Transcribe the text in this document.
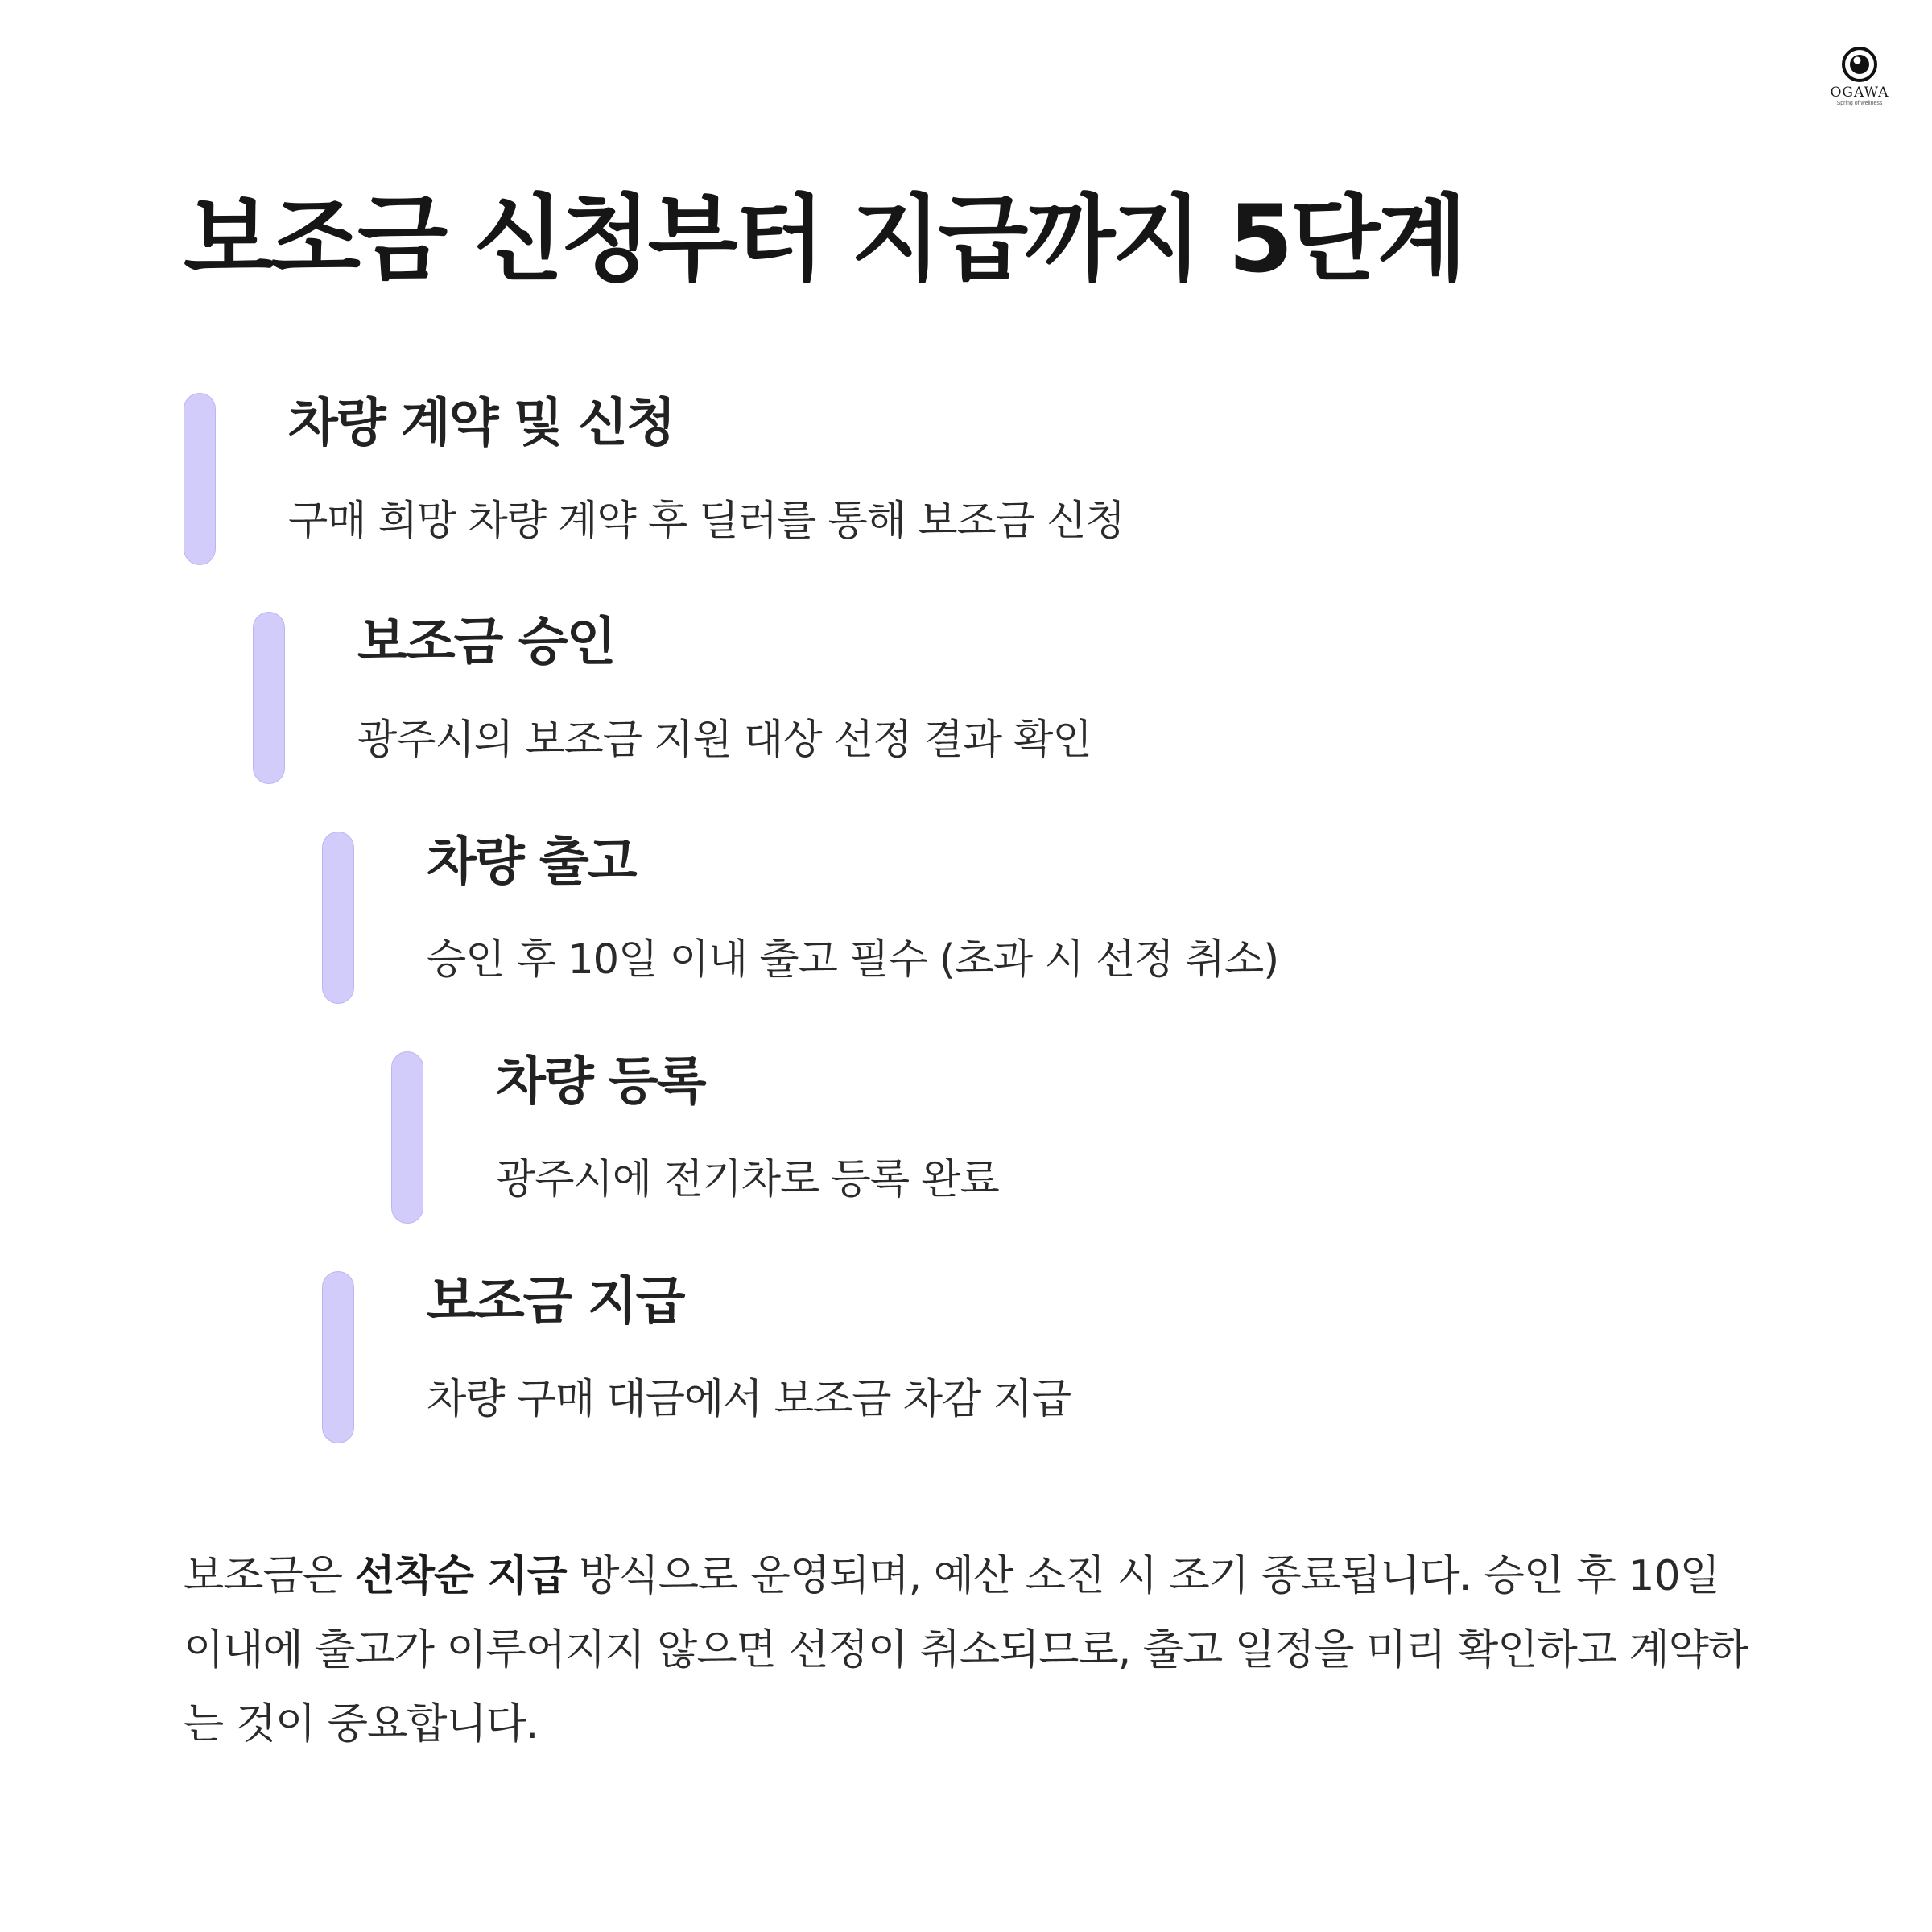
OGAWA
Spring of wellness
보조금 신청부터 지급까지 5단계
차량 계약 및 신청
구매 희망 차량 계약 후 딜러를 통해 보조금 신청
보조금 승인
광주시의 보조금 지원 대상 선정 결과 확인
차량 출고
승인 후 10일 이내 출고 필수 (초과 시 선정 취소)
차량 등록
광주시에 전기차로 등록 완료
보조금 지급
차량 구매 대금에서 보조금 차감 지급

보조금은 선착순 지급 방식으로 운영되며, 예산 소진 시 조기 종료됩니다. 승인 후 10일 이내에 출고가 이루어지지 않으면 선정이 취소되므로, 출고 일정을 미리 확인하고 계약하는 것이 중요합니다.
